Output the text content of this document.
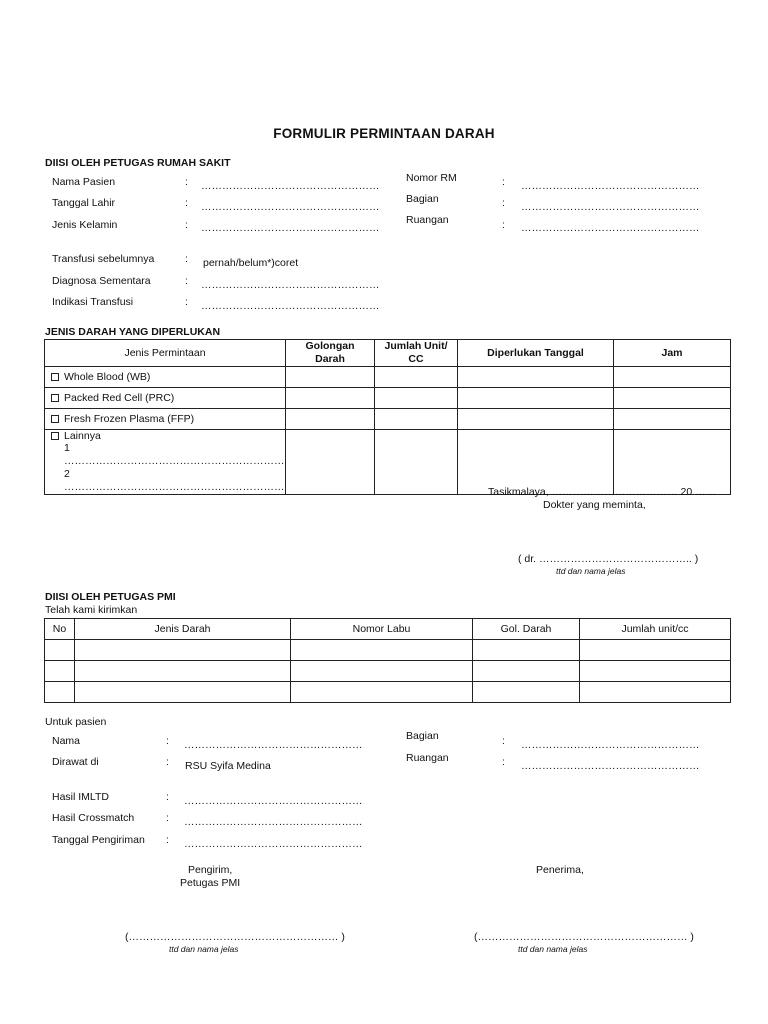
FORMULIR PERMINTAAN DARAH
DIISI OLEH PETUGAS RUMAH SAKIT
Nama Pasien	: ……………………………………………
Tanggal Lahir	: ……………………………………………
Jenis Kelamin	: ……………………………………………
Nomor RM	: ……………………………………………
Bagian	: ……………………………………………
Ruangan	: ……………………………………………
Transfusi sebelumnya	: pernah/belum*)coret
Diagnosa Sementara	: ……………………………………………
Indikasi Transfusi	: ……………………………………………
JENIS DARAH YANG DIPERLUKAN
Jenis Permintaan	Golongan Darah	Jumlah Unit/ CC	Diperlukan Tanggal	Jam
Whole Blood (WB)				
Packed Red Cell (PRC)				
Fresh Frozen Plasma (FFP)				
Lainnya
1 ………………………………………………………
2 ………………………………………………………				
					Tasikmalaya, ……………………………… 20 ……
Dokter yang meminta,
( dr. …………………………………….. )
ttd dan nama jelas
DIISI OLEH PETUGAS PMI
Telah kami kirimkan
No	Jenis Darah	Nomor Labu	Gol. Darah	Jumlah unit/cc

Untuk pasien
Nama	: ……………………………………………
Dirawat di	: RSU Syifa Medina
Bagian	: ……………………………………………
Ruangan	: ……………………………………………
Hasil IMLTD	: ……………………………………………
Hasil Crossmatch	: ……………………………………………
Tanggal Pengiriman : ……………………………………………
Pengirim,
Petugas PMI
(…………………………………………………… )
ttd dan nama jelas
Penerima,
(…………………………………………………… )
ttd dan nama jelas
